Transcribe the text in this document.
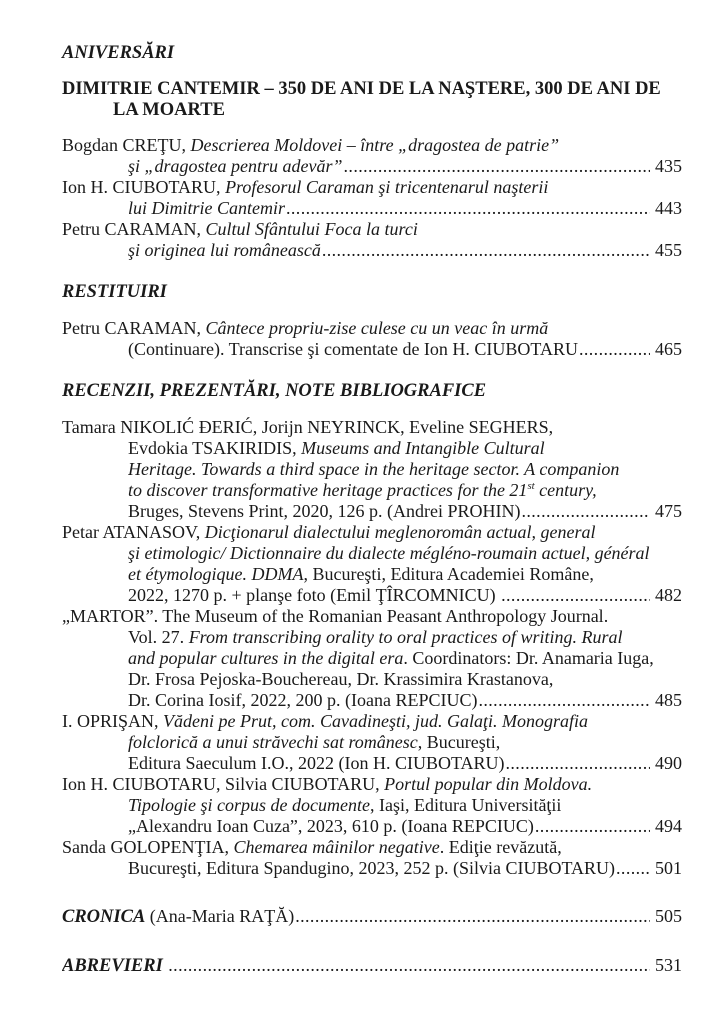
ANIVERSĂRI
DIMITRIE CANTEMIR – 350 DE ANI DE LA NAŞTERE, 300 DE ANI DE
LA MOARTE
Bogdan CREŢU, Descrierea Moldovei – între „dragostea de patrie”
şi „dragostea pentru adevăr” .....	435
Ion H. CIUBOTARU, Profesorul Caraman şi tricentenarul naşterii
lui Dimitrie Cantemir .....	443
Petru CARAMAN, Cultul Sfântului Foca la turci
şi originea lui românească .....	455
RESTITUIRI
Petru CARAMAN, Cântece propriu-zise culese cu un veac în urmă
(Continuare). Transcrise şi comentate de Ion H. CIUBOTARU .....	465
RECENZII, PREZENTĂRI, NOTE BIBLIOGRAFICE
Tamara NIKOLIĆ ĐERIĆ, Jorijn NEYRINCK, Eveline SEGHERS,
Evdokia TSAKIRIDIS, Museums and Intangible Cultural
Heritage. Towards a third space in the heritage sector. A companion
to discover transformative heritage practices for the 21st century,
Bruges, Stevens Print, 2020, 126 p. (Andrei PROHIN) .....	475
Petar ATANASOV, Dicţionarul dialectului meglenoromân actual, general
şi etimologic/ Dictionnaire du dialecte mégléno-roumain actuel, général
et étymologique. DDMA, Bucureşti, Editura Academiei Române,
2022, 1270 p. + planşe foto (Emil ŢÎRCOMNICU) .....	482
„MARTOR”. The Museum of the Romanian Peasant Anthropology Journal.
Vol. 27. From transcribing orality to oral practices of writing. Rural
and popular cultures in the digital era. Coordinators: Dr. Anamaria Iuga,
Dr. Frosa Pejoska-Bouchereau, Dr. Krassimira Krastanova,
Dr. Corina Iosif, 2022, 200 p. (Ioana REPCIUC) .....	485
I. OPRIŞAN, Vădeni pe Prut, com. Cavadineşti, jud. Galaţi. Monografia
folclorică a unui străvechi sat românesc, Bucureşti,
Editura Saeculum I.O., 2022 (Ion H. CIUBOTARU) .....	490
Ion H. CIUBOTARU, Silvia CIUBOTARU, Portul popular din Moldova.
Tipologie şi corpus de documente, Iaşi, Editura Universităţii
„Alexandru Ioan Cuza”, 2023, 610 p. (Ioana REPCIUC) .....	494
Sanda GOLOPENŢIA, Chemarea mâinilor negative. Ediţie revăzută,
Bucureşti, Editura Spandugino, 2023, 252 p. (Silvia CIUBOTARU) ..... 501
CRONICA (Ana-Maria RAŢĂ) .....	505
ABREVIERI .....	531
